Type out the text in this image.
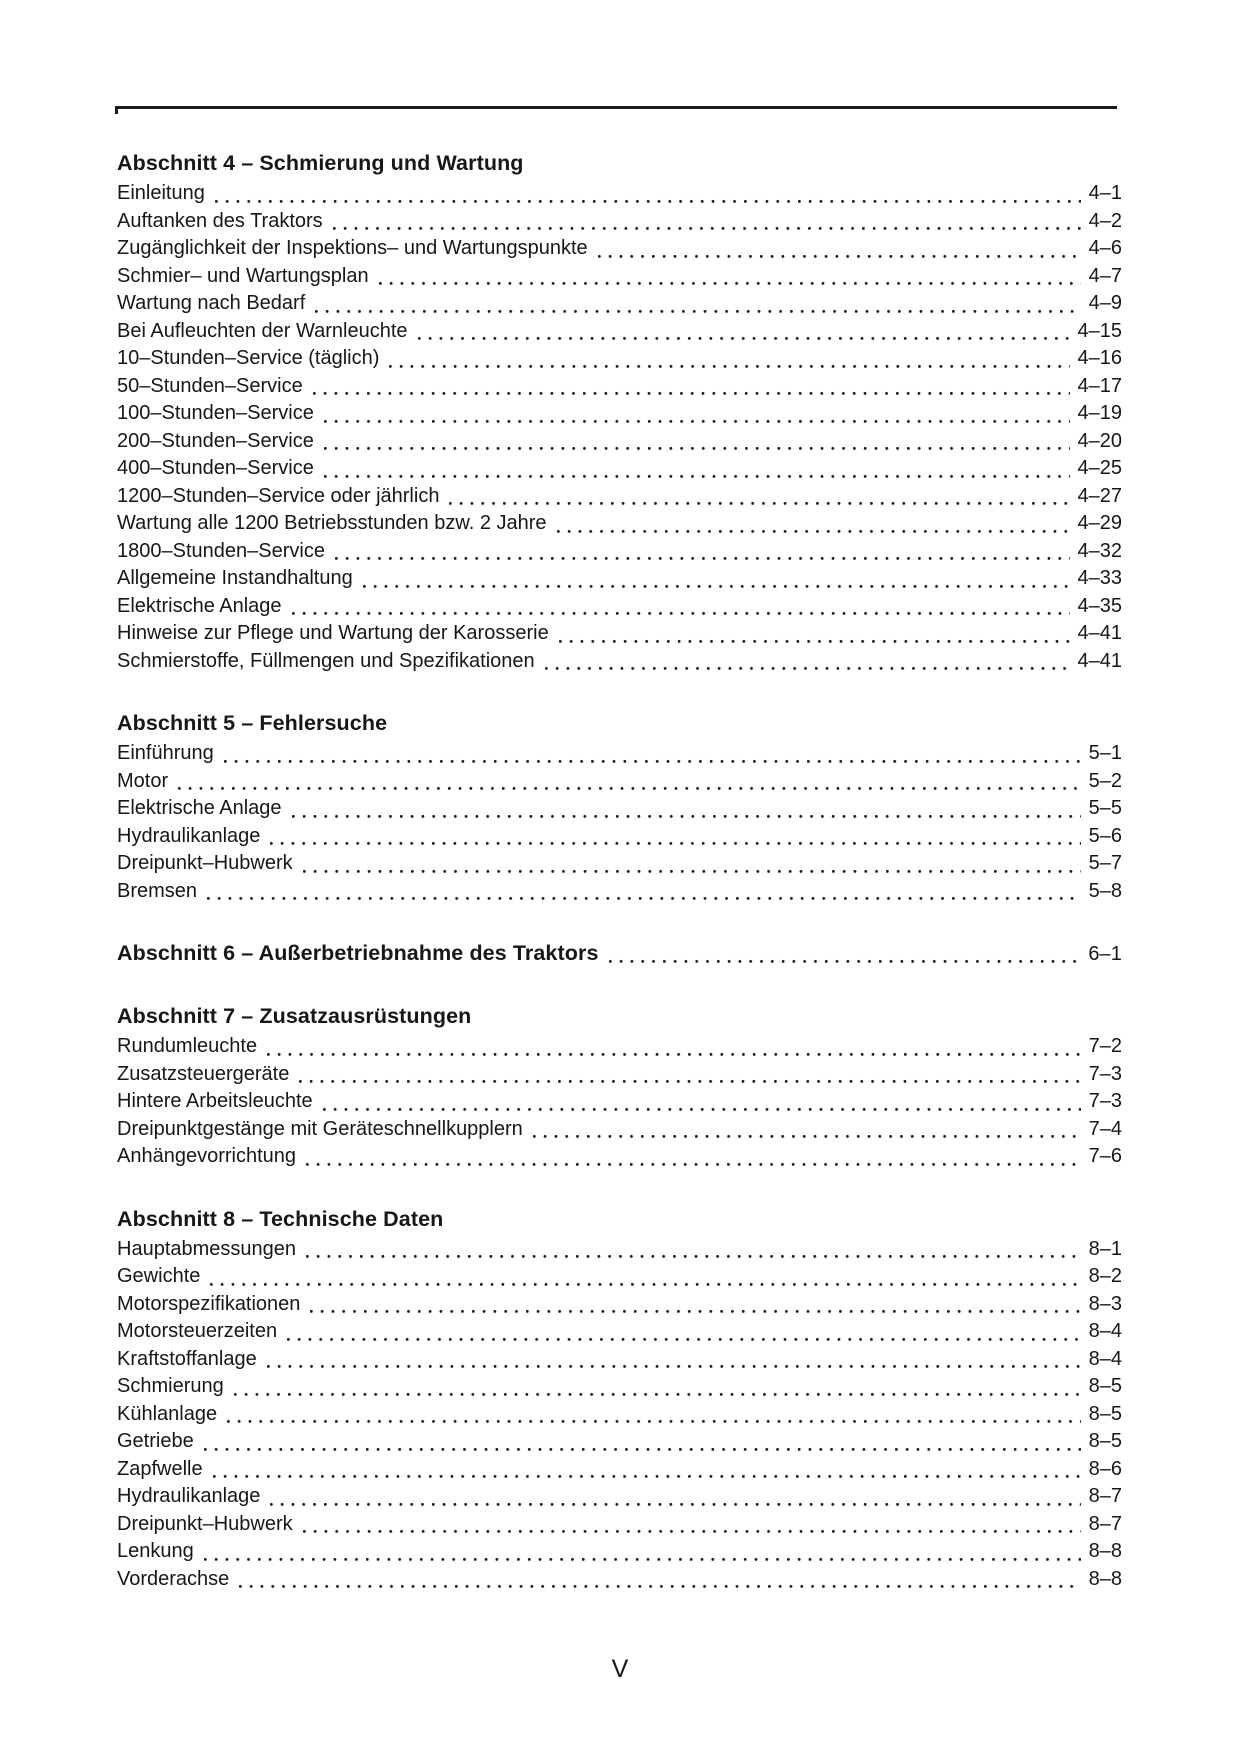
Abschnitt 4 – Schmierung und Wartung
Einleitung	4–1
Auftanken des Traktors	4–2
Zugänglichkeit der Inspektions– und Wartungspunkte	4–6
Schmier– und Wartungsplan	4–7
Wartung nach Bedarf	4–9
Bei Aufleuchten der Warnleuchte	4–15
10–Stunden–Service (täglich)	4–16
50–Stunden–Service	4–17
100–Stunden–Service	4–19
200–Stunden–Service	4–20
400–Stunden–Service	4–25
1200–Stunden–Service oder jährlich	4–27
Wartung alle 1200 Betriebsstunden bzw. 2 Jahre	4–29
1800–Stunden–Service	4–32
Allgemeine Instandhaltung	4–33
Elektrische Anlage	4–35
Hinweise zur Pflege und Wartung der Karosserie	4–41
Schmierstoffe, Füllmengen und Spezifikationen	4–41
Abschnitt 5 – Fehlersuche
Einführung	5–1
Motor	5–2
Elektrische Anlage	5–5
Hydraulikanlage	5–6
Dreipunkt–Hubwerk	5–7
Bremsen	5–8
Abschnitt 6 – Außerbetriebnahme des Traktors	6–1
Abschnitt 7 – Zusatzausrüstungen
Rundumleuchte	7–2
Zusatzsteuergeräte	7–3
Hintere Arbeitsleuchte	7–3
Dreipunktgestänge mit Geräteschnellkupplern	7–4
Anhängevorrichtung	7–6
Abschnitt 8 – Technische Daten
Hauptabmessungen	8–1
Gewichte	8–2
Motorspezifikationen	8–3
Motorsteuerzeiten	8–4
Kraftstoffanlage	8–4
Schmierung	8–5
Kühlanlage	8–5
Getriebe	8–5
Zapfwelle	8–6
Hydraulikanlage	8–7
Dreipunkt–Hubwerk	8–7
Lenkung	8–8
Vorderachse	8–8
V
